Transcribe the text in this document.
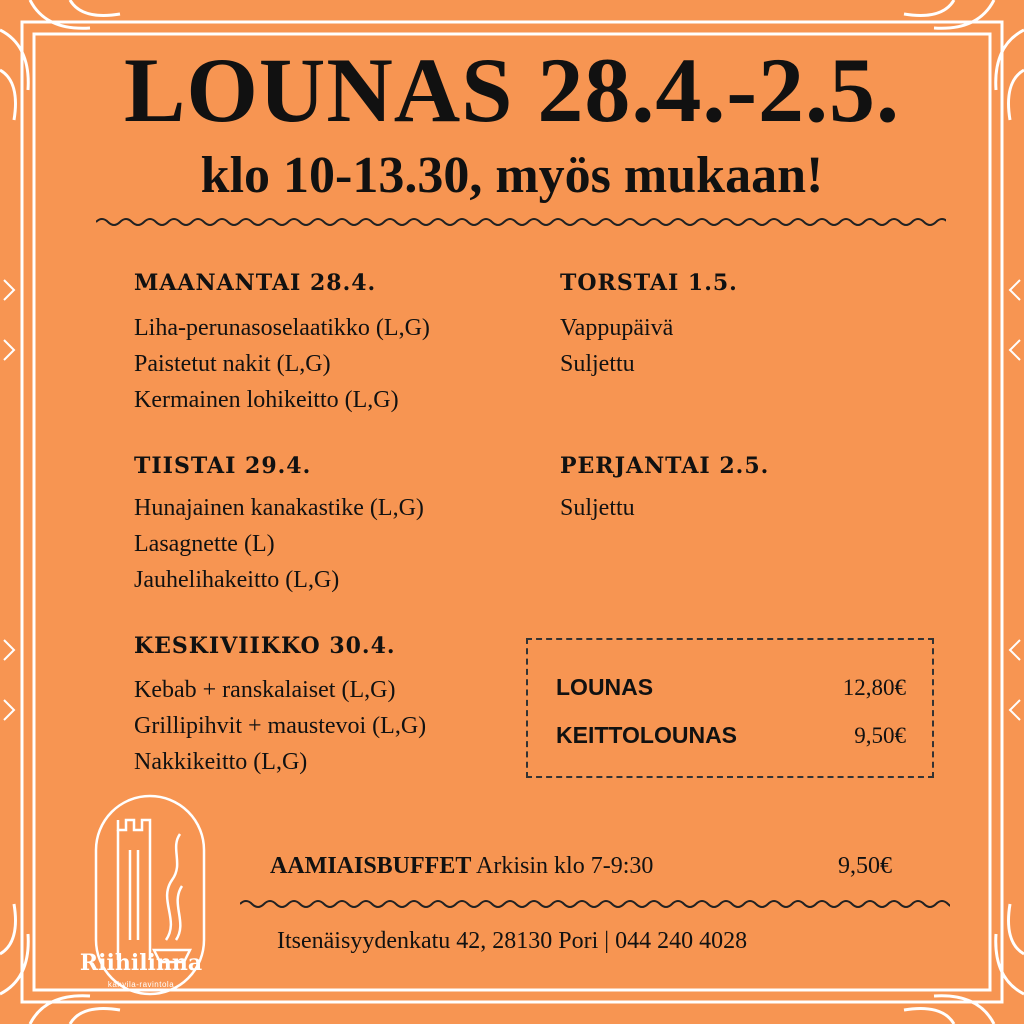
LOUNAS 28.4.-2.5.
klo 10-13.30, myös mukaan!
MAANANTAI 28.4.
Liha-perunasoselaatikko (L,G)
Paistetut nakit (L,G)
Kermainen lohikeitto (L,G)
TIISTAI 29.4.
Hunajainen kanakastike (L,G)
Lasagnette (L)
Jauhelihakeitto (L,G)
KESKIVIIKKO 30.4.
Kebab + ranskalaiset (L,G)
Grillipihvit + maustevoi (L,G)
Nakkikeitto (L,G)
TORSTAI 1.5.
Vappupäivä
Suljettu
PERJANTAI 2.5.
Suljettu
LOUNAS	12,80€
KEITTOLOUNAS	9,50€
AAMIAISBUFFET Arkisin klo 7-9:30	9,50€
Itsenäisyydenkatu 42, 28130 Pori | 044 240 4028
Riihilinna
kahvila-ravintola
